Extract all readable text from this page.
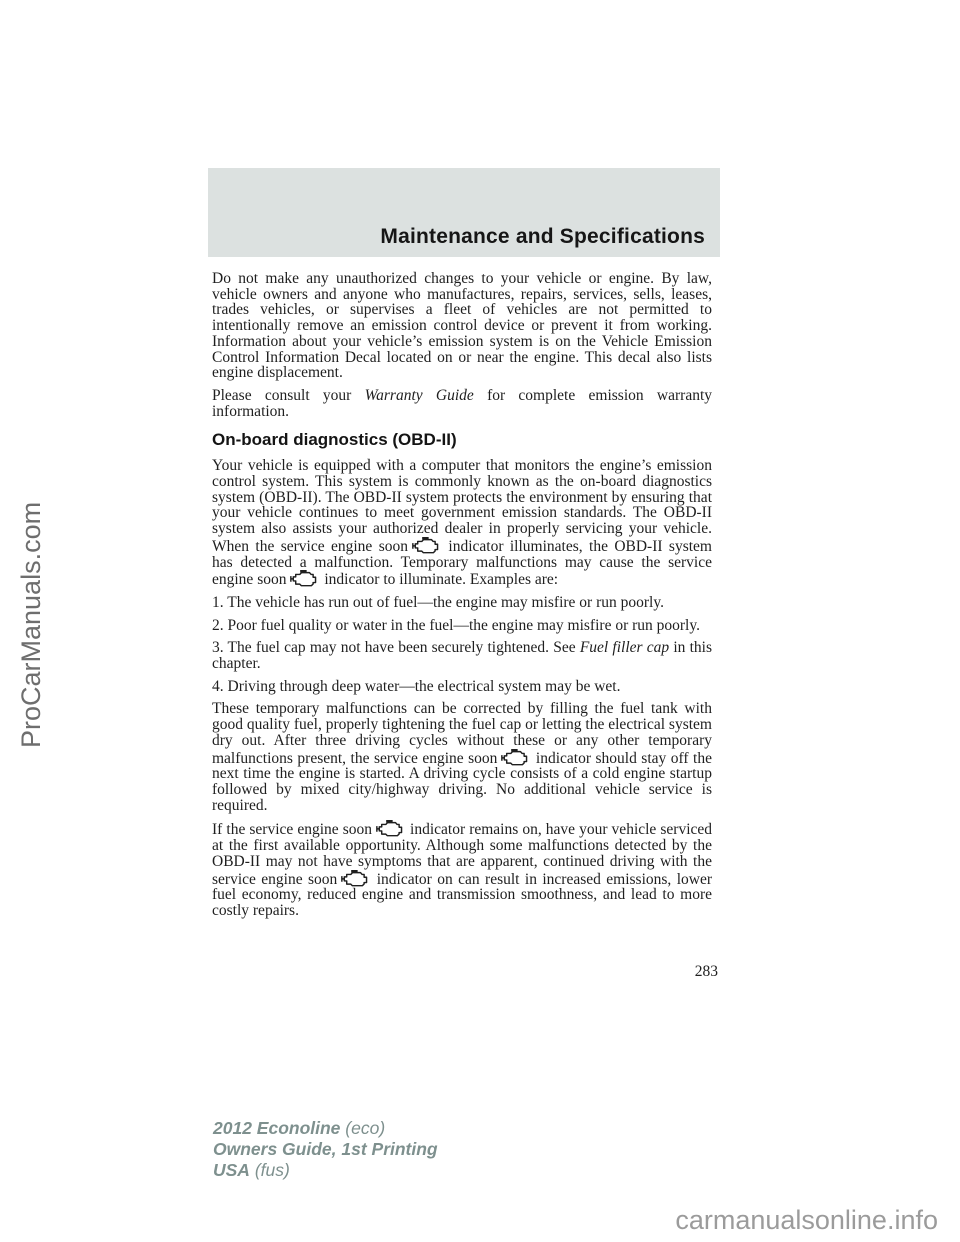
ProCarManuals.com
Maintenance and Specifications

Do not make any unauthorized changes to your vehicle or engine. By law, vehicle owners and anyone who manufactures, repairs, services, sells, leases, trades vehicles, or supervises a fleet of vehicles are not permitted to intentionally remove an emission control device or prevent it from working. Information about your vehicle’s emission system is on the Vehicle Emission Control Information Decal located on or near the engine. This decal also lists engine displacement.

Please consult your Warranty Guide for complete emission warranty information.

On-board diagnostics (OBD-II)

Your vehicle is equipped with a computer that monitors the engine’s emission control system. This system is commonly known as the on-board diagnostics system (OBD-II). The OBD-II system protects the environment by ensuring that your vehicle continues to meet government emission standards. The OBD-II system also assists your authorized dealer in properly servicing your vehicle. When the service engine soon indicator illuminates, the OBD-II system has detected a malfunction. Temporary malfunctions may cause the service engine soon indicator to illuminate. Examples are:

1. The vehicle has run out of fuel—the engine may misfire or run poorly.

2. Poor fuel quality or water in the fuel—the engine may misfire or run poorly.

3. The fuel cap may not have been securely tightened. See Fuel filler cap in this chapter.

4. Driving through deep water—the electrical system may be wet.

These temporary malfunctions can be corrected by filling the fuel tank with good quality fuel, properly tightening the fuel cap or letting the electrical system dry out. After three driving cycles without these or any other temporary malfunctions present, the service engine soon indicator should stay off the next time the engine is started. A driving cycle consists of a cold engine startup followed by mixed city/highway driving. No additional vehicle service is required.

If the service engine soon indicator remains on, have your vehicle serviced at the first available opportunity. Although some malfunctions detected by the OBD-II may not have symptoms that are apparent, continued driving with the service engine soon indicator on can result in increased emissions, lower fuel economy, reduced engine and transmission smoothness, and lead to more costly repairs.

283
2012 Econoline (eco)
Owners Guide, 1st Printing
USA (fus)
carmanualsonline.info
